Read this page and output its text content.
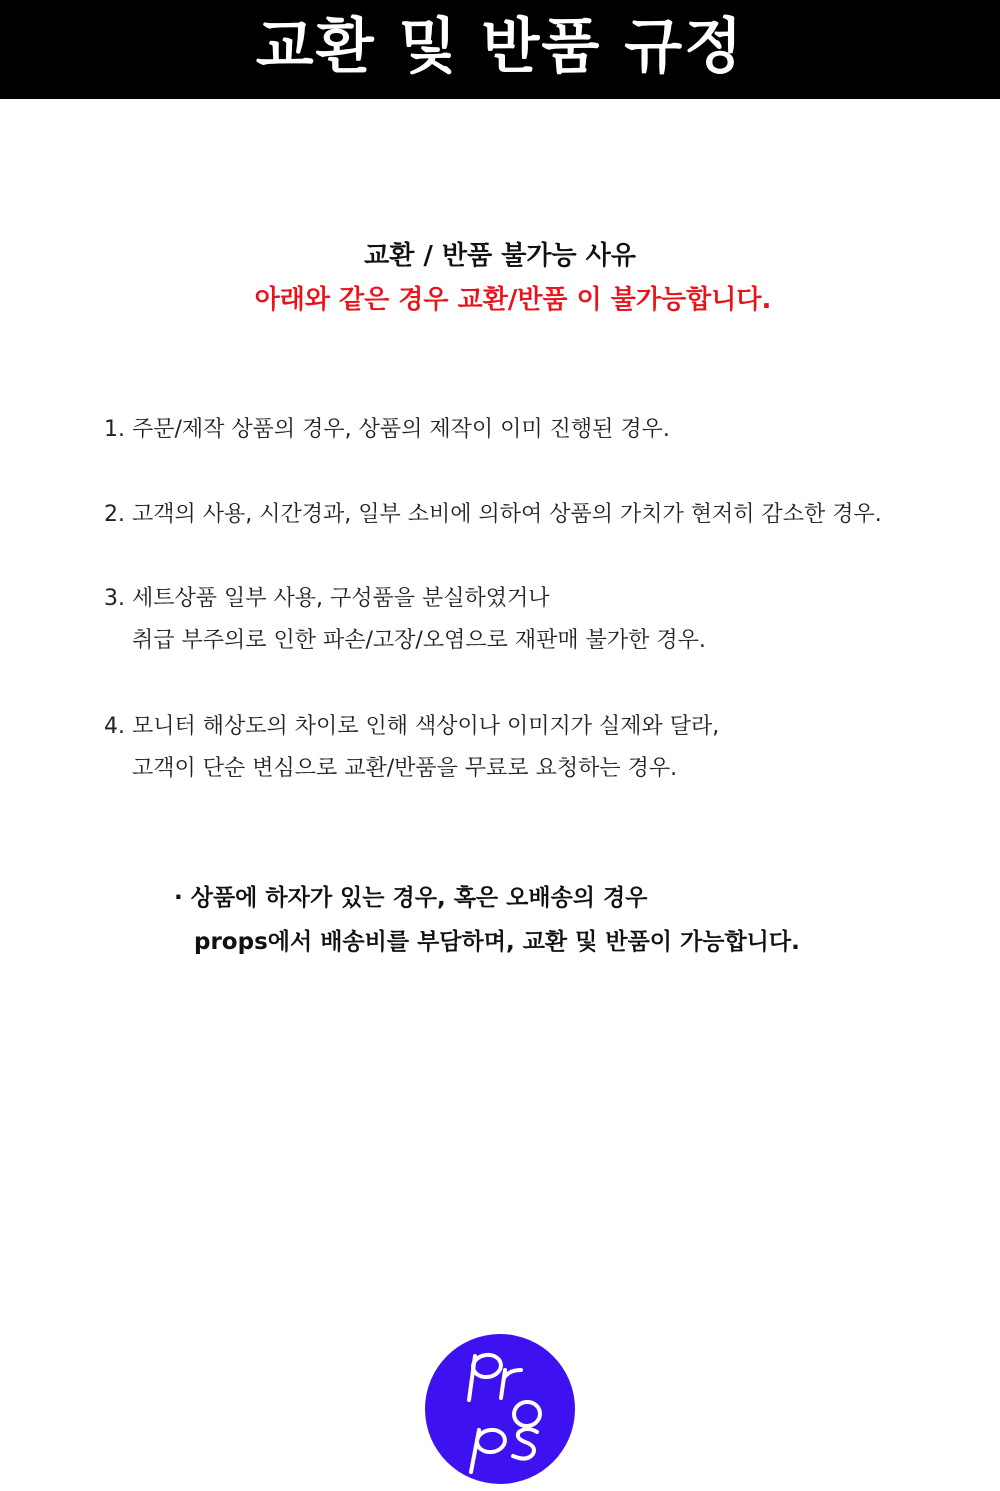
교환 및 반품 규정
교환 / 반품 불가능 사유
아래와 같은 경우 교환/반품 이 불가능합니다.
1. 주문/제작 상품의 경우, 상품의 제작이 이미 진행된 경우.
2. 고객의 사용, 시간경과, 일부 소비에 의하여 상품의 가치가 현저히 감소한 경우.
3. 세트상품 일부 사용, 구성품을 분실하였거나
취급 부주의로 인한 파손/고장/오염으로 재판매 불가한 경우.
4. 모니터 해상도의 차이로 인해 색상이나 이미지가 실제와 달라,
고객이 단순 변심으로 교환/반품을 무료로 요청하는 경우.
· 상품에 하자가 있는 경우, 혹은 오배송의 경우
props에서 배송비를 부담하며, 교환 및 반품이 가능합니다.
